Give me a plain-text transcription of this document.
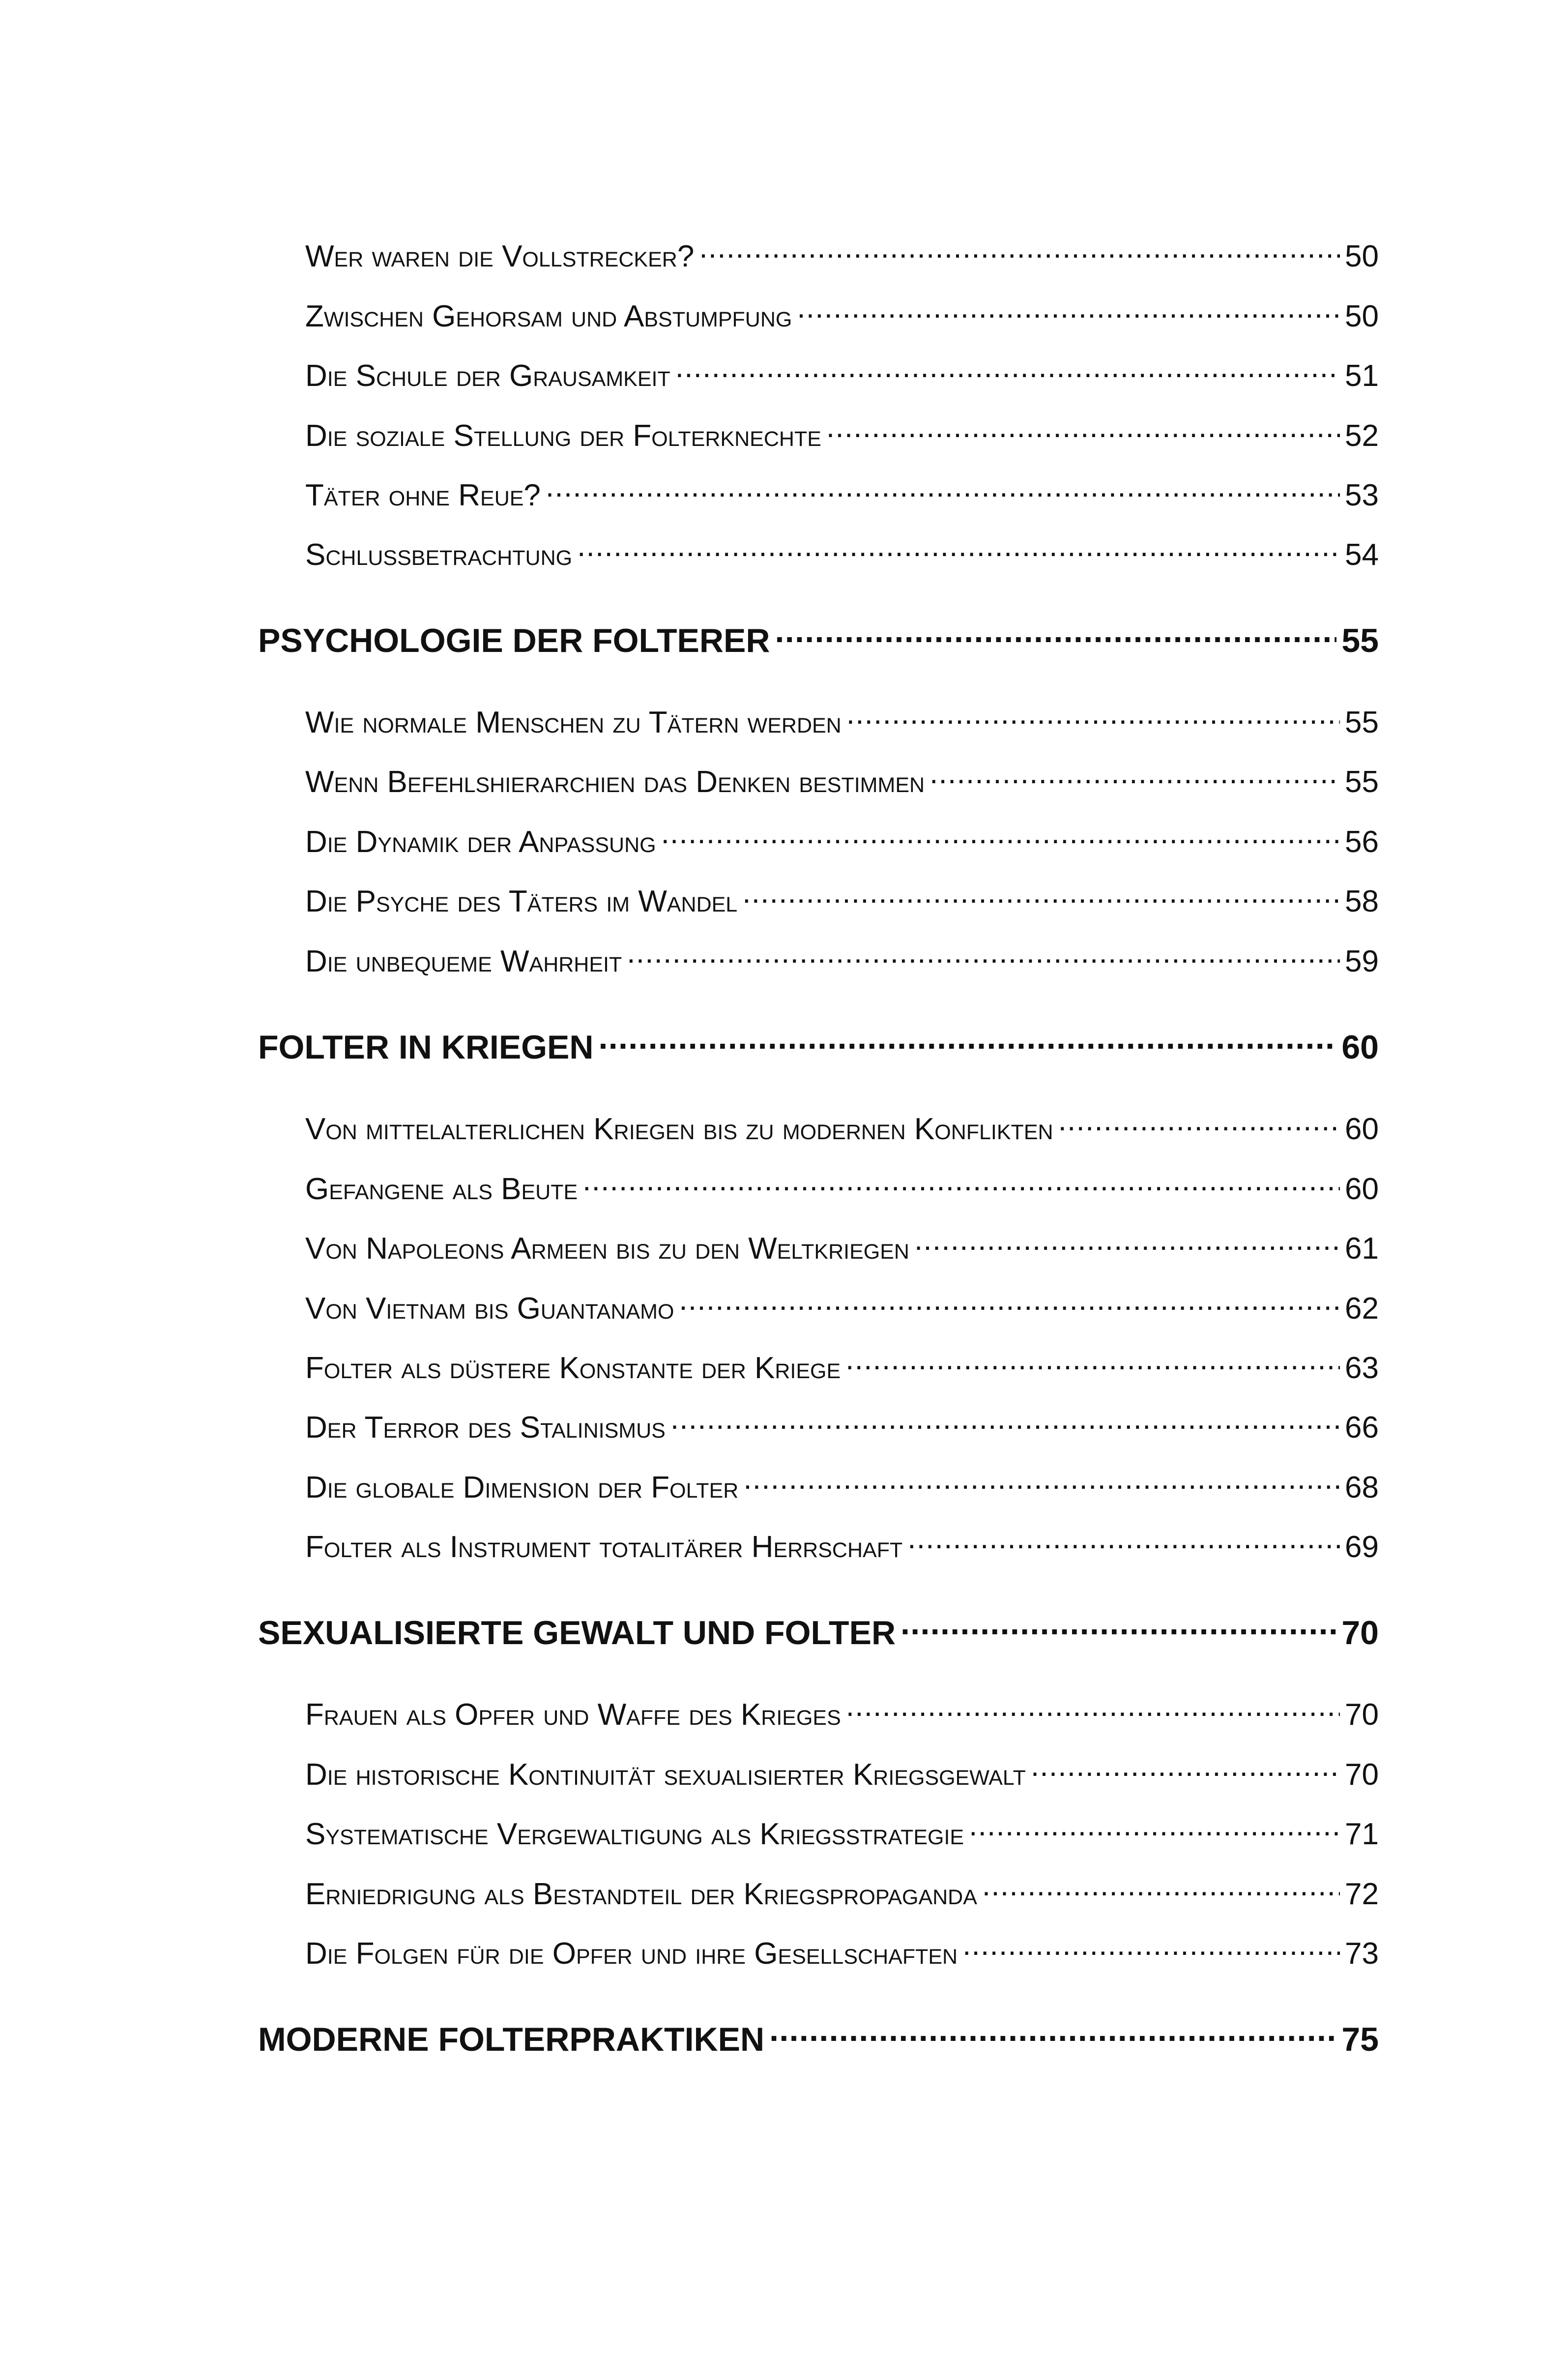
Wer waren die Vollstrecker? .....	50
Zwischen Gehorsam und Abstumpfung .....	50
Die Schule der Grausamkeit .....	51
Die soziale Stellung der Folterknechte .....	52
Täter ohne Reue? .....	53
Schlussbetrachtung .....	54
PSYCHOLOGIE DER FOLTERER .....	55
Wie normale Menschen zu Tätern werden .....	55
Wenn Befehlshierarchien das Denken bestimmen .....	55
Die Dynamik der Anpassung .....	56
Die Psyche des Täters im Wandel .....	58
Die unbequeme Wahrheit .....	59
FOLTER IN KRIEGEN .....	60
Von mittelalterlichen Kriegen bis zu modernen Konflikten .....	60
Gefangene als Beute .....	60
Von Napoleons Armeen bis zu den Weltkriegen .....	61
Von Vietnam bis Guantanamo .....	62
Folter als düstere Konstante der Kriege .....	63
Der Terror des Stalinismus .....	66
Die globale Dimension der Folter .....	68
Folter als Instrument totalitärer Herrschaft .....	69
SEXUALISIERTE GEWALT UND FOLTER .....	70
Frauen als Opfer und Waffe des Krieges .....	70
Die historische Kontinuität sexualisierter Kriegsgewalt .....	70
Systematische Vergewaltigung als Kriegsstrategie .....	71
Erniedrigung als Bestandteil der Kriegspropaganda .....	72
Die Folgen für die Opfer und ihre Gesellschaften .....	73
MODERNE FOLTERPRAKTIKEN .....	75
